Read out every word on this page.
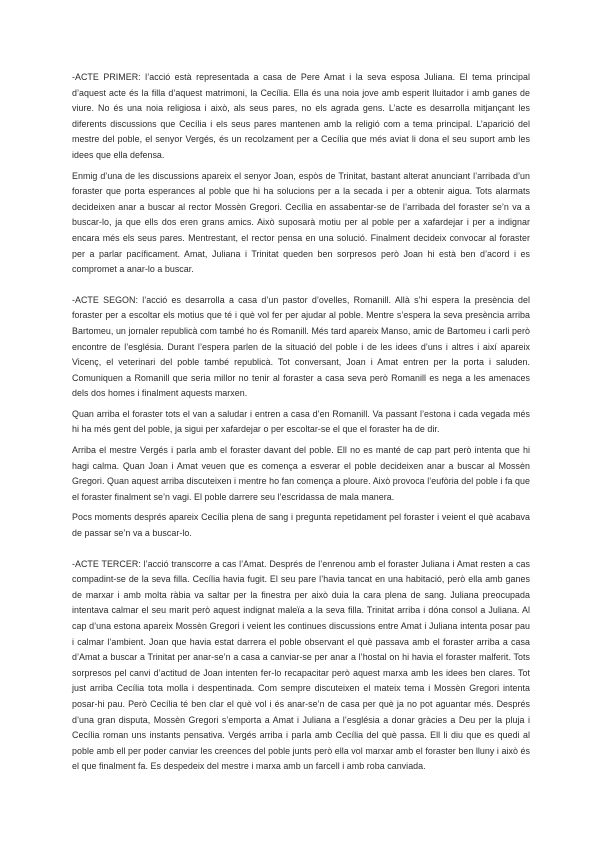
-ACTE PRIMER: l’acció està representada a casa de Pere Amat i la seva esposa Juliana. El tema principal d’aquest acte és la filla d’aquest matrimoni, la Cecília. Ella és una noia jove amb esperit lluitador i amb ganes de viure. No és una noia religiosa i això, als seus pares, no els agrada gens. L’acte es desarrolla mitjançant les diferents discussions que Cecília i els seus pares mantenen amb la religió com a tema principal. L’aparició del mestre del poble, el senyor Vergés, és un recolzament per a Cecília que més aviat li dona el seu suport amb les idees que ella defensa.

Enmig d’una de les discussions apareix el senyor Joan, espòs de Trinitat, bastant alterat anunciant l’arribada d’un foraster que porta esperances al poble que hi ha solucions per a la secada i per a obtenir aigua. Tots alarmats decideixen anar a buscar al rector Mossèn Gregori. Cecília en assabentar-se de l’arribada del foraster se’n va a buscar-lo, ja que ells dos eren grans amics. Això suposarà motiu per al poble per a xafardejar i per a indignar encara més els seus pares. Mentrestant, el rector pensa en una solució. Finalment decideix convocar al foraster per a parlar pacíficament. Amat, Juliana i Trinitat queden ben sorpresos però Joan hi està ben d’acord i es compromet a anar-lo a buscar.

-ACTE SEGON: l’acció es desarrolla a casa d’un pastor d’ovelles, Romanill. Allà s’hi espera la presència del foraster per a escoltar els motius que té i què vol fer per ajudar al poble. Mentre s’espera la seva presència arriba Bartomeu, un jornaler republicà com també ho és Romanill. Més tard apareix Manso, amic de Bartomeu i carli però encontre de l’església. Durant l’espera parlen de la situació del poble i de les idees d’uns i altres i així apareix Vicenç, el veterinari del poble també republicà. Tot conversant, Joan i Amat entren per la porta i saluden. Comuniquen a Romanill que seria millor no tenir al foraster a casa seva però Romanill es nega a les amenaces dels dos homes i finalment aquests marxen.

Quan arriba el foraster tots el van a saludar i entren a casa d’en Romanill. Va passant l’estona i cada vegada més hi ha més gent del poble, ja sigui per xafardejar o per escoltar-se el que el foraster ha de dir.

Arriba el mestre Vergés i parla amb el foraster davant del poble. Ell no es manté de cap part però intenta que hi hagi calma. Quan Joan i Amat veuen que es comença a esverar el poble decideixen anar a buscar al Mossèn Gregori. Quan aquest arriba discuteixen i mentre ho fan comença a ploure. Això provoca l’eufòria del poble i fa que el foraster finalment se’n vagi. El poble darrere seu l’escridassa de mala manera.

Pocs moments després apareix Cecília plena de sang i pregunta repetidament pel foraster i veient el què acabava de passar se’n va a buscar-lo.

-ACTE TERCER: l’acció transcorre a cas l’Amat. Després de l’enrenou amb el foraster Juliana i Amat resten a cas compadint-se de la seva filla. Cecília havia fugit. El seu pare l’havia tancat en una habitació, però ella amb ganes de marxar i amb molta ràbia va saltar per la finestra per això duia la cara plena de sang. Juliana preocupada intentava calmar el seu marit però aquest indignat maleïa a la seva filla. Trinitat arriba i dóna consol a Juliana. Al cap d’una estona apareix Mossèn Gregori i veient les continues discussions entre Amat i Juliana intenta posar pau i calmar l’ambient. Joan que havia estat darrera el poble observant el què passava amb el foraster arriba a casa d’Amat a buscar a Trinitat per anar-se’n a casa a canviar-se per anar a l’hostal on hi havia el foraster malferit. Tots sorpresos pel canvi d’actitud de Joan intenten fer-lo recapacitar però aquest marxa amb les idees ben clares. Tot just arriba Cecília tota molla i despentinada. Com sempre discuteixen el mateix tema i Mossèn Gregori intenta posar-hi pau. Però Cecília té ben clar el què vol i és anar-se’n de casa per què ja no pot aguantar més. Després d’una gran disputa, Mossèn Gregori s’emporta a Amat i Juliana a l’església a donar gràcies a Deu per la pluja i Cecília roman uns instants pensativa. Vergés arriba i parla amb Cecília del què passa. Ell li diu que es quedi al poble amb ell per poder canviar les creences del poble junts però ella vol marxar amb el foraster ben lluny i això és el que finalment fa. Es despedeix del mestre i marxa amb un farcell i amb roba canviada.
